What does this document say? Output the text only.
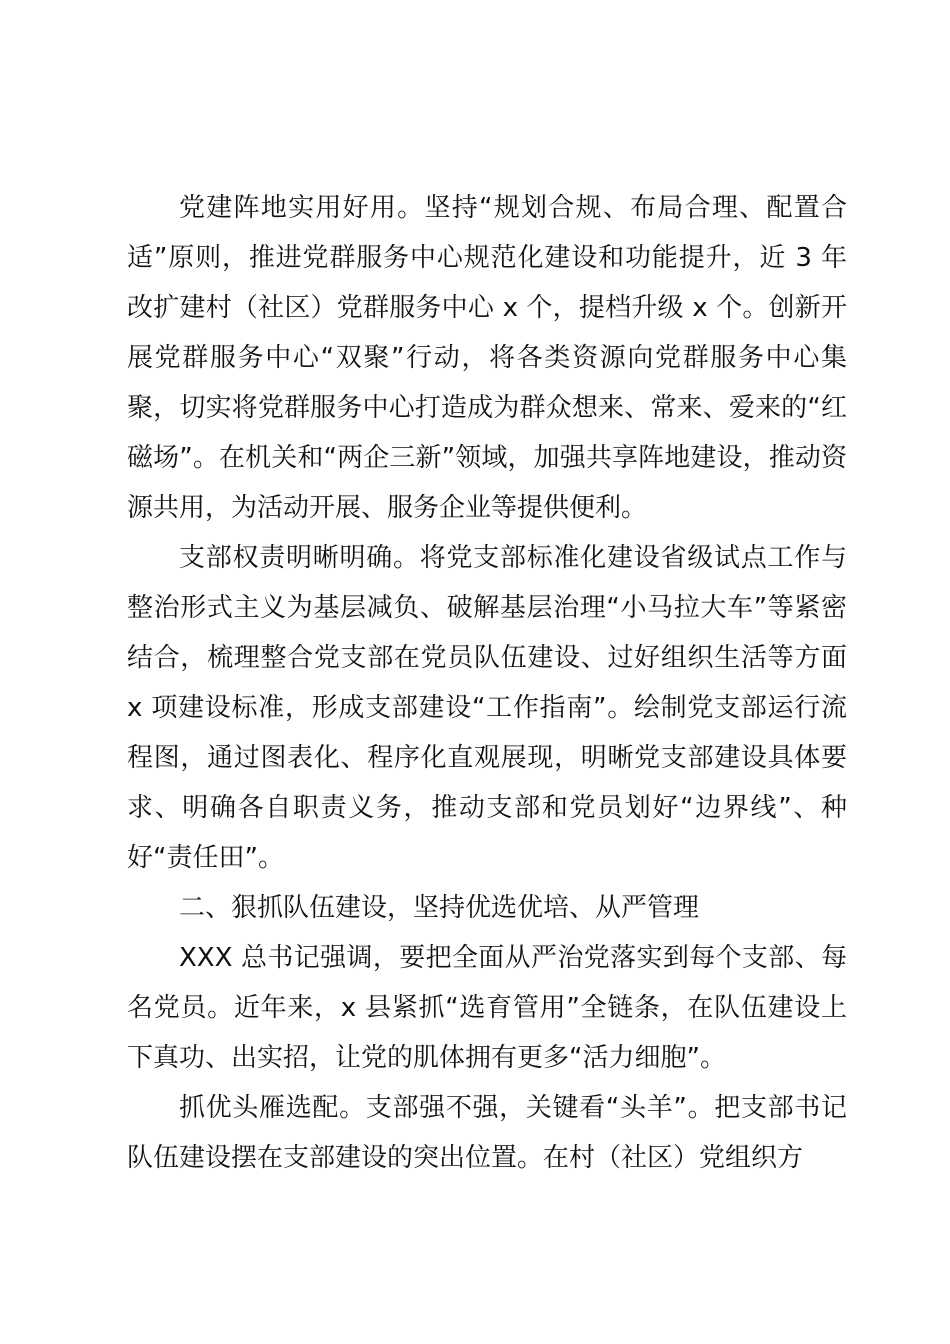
党建阵地实用好用。坚持“规划合规、布局合理、配置合适”原则，推进党群服务中心规范化建设和功能提升，近 3 年改扩建村（社区）党群服务中心 x 个，提档升级 x 个。创新开展党群服务中心“双聚”行动，将各类资源向党群服务中心集聚，切实将党群服务中心打造成为群众想来、常来、爱来的“红磁场”。在机关和“两企三新”领域，加强共享阵地建设，推动资源共用，为活动开展、服务企业等提供便利。

支部权责明晰明确。将党支部标准化建设省级试点工作与整治形式主义为基层减负、破解基层治理“小马拉大车”等紧密结合，梳理整合党支部在党员队伍建设、过好组织生活等方面 x 项建设标准，形成支部建设“工作指南”。绘制党支部运行流程图，通过图表化、程序化直观展现，明晰党支部建设具体要求、明确各自职责义务，推动支部和党员划好“边界线”、种好“责任田”。

二、狠抓队伍建设，坚持优选优培、从严管理

XXX 总书记强调，要把全面从严治党落实到每个支部、每名党员。近年来，x 县紧抓“选育管用”全链条，在队伍建设上下真功、出实招，让党的肌体拥有更多“活力细胞”。

抓优头雁选配。支部强不强，关键看“头羊”。把支部书记队伍建设摆在支部建设的突出位置。在村（社区）党组织方
